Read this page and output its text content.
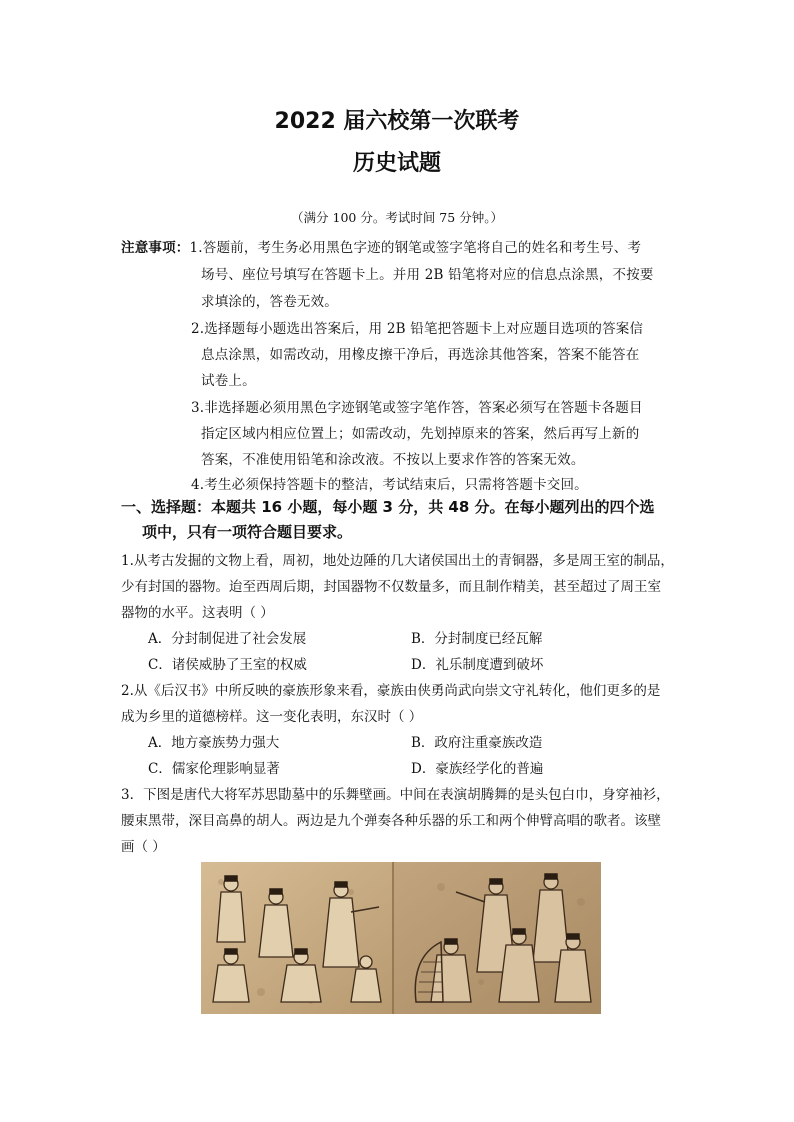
2022 届六校第一次联考
历史试题
（满分 100 分。考试时间 75 分钟。）
注意事项：1.答题前，考生务必用黑色字迹的钢笔或签字笔将自己的姓名和考生号、考
场号、座位号填写在答题卡上。并用 2B 铅笔将对应的信息点涂黑，不按要
求填涂的，答卷无效。
2.选择题每小题选出答案后，用 2B 铅笔把答题卡上对应题目选项的答案信
息点涂黑，如需改动，用橡皮擦干净后，再选涂其他答案，答案不能答在
试卷上。
3.非选择题必须用黑色字迹钢笔或签字笔作答，答案必须写在答题卡各题目
指定区域内相应位置上；如需改动，先划掉原来的答案，然后再写上新的
答案，不准使用铅笔和涂改液。不按以上要求作答的答案无效。
4.考生必须保持答题卡的整洁，考试结束后，只需将答题卡交回。
一、选择题：本题共 16 小题，每小题 3 分，共 48 分。在每小题列出的四个选
项中，只有一项符合题目要求。
1.从考古发掘的文物上看，周初，地处边陲的几大诸侯国出土的青铜器，多是周王室的制品，
少有封国的器物。迨至西周后期，封国器物不仅数量多，而且制作精美，甚至超过了周王室
器物的水平。这表明（ ）
A．分封制促进了社会发展	B．分封制度已经瓦解
C．诸侯威胁了王室的权威	D．礼乐制度遭到破坏
2.从《后汉书》中所反映的豪族形象来看，豪族由侠勇尚武向崇文守礼转化，他们更多的是
成为乡里的道德榜样。这一变化表明，东汉时（ ）
A．地方豪族势力强大	B．政府注重豪族改造
C．儒家伦理影响显著	D．豪族经学化的普遍
3．下图是唐代大将军苏思勖墓中的乐舞壁画。中间在表演胡腾舞的是头包白巾，身穿袖衫，
腰束黑带，深目高鼻的胡人。两边是九个弹奏各种乐器的乐工和两个伸臂高唱的歌者。该壁
画（ ）
